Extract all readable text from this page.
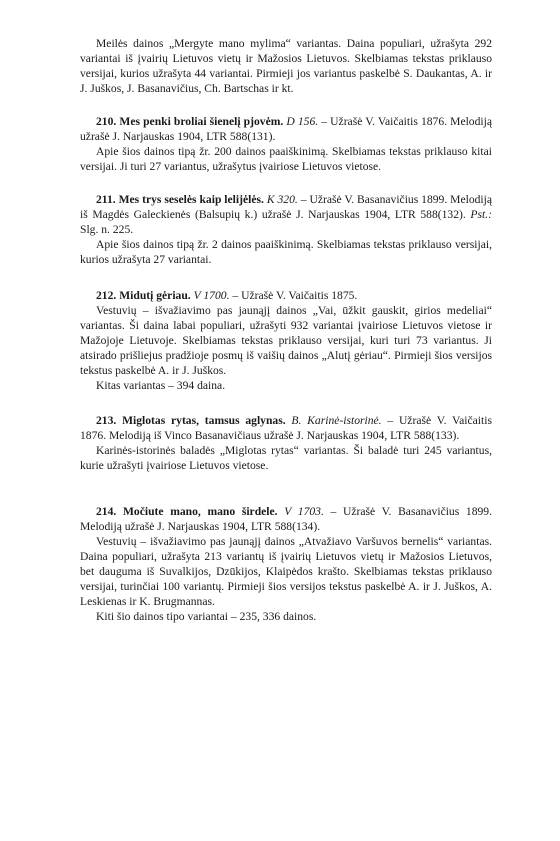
Meilės dainos „Mergyte mano mylima“ variantas. Daina populiari, užrašyta 292 variantai iš įvairių Lietuvos vietų ir Mažosios Lietuvos. Skelbiamas tekstas priklauso versijai, kurios užrašyta 44 variantai. Pirmieji jos variantus paskelbė S. Daukantas, A. ir J. Juškos, J. Basanavičius, Ch. Bartschas ir kt.

210. Mes penki broliai šienelį pjovėm. D 156. – Užrašė V. Vaičaitis 1876. Melodiją užrašė J. Narjauskas 1904, LTR 588(131).

Apie šios dainos tipą žr. 200 dainos paaiškinimą. Skelbiamas tekstas priklauso kitai versijai. Ji turi 27 variantus, užrašytus įvairiose Lietuvos vietose.

211. Mes trys seselės kaip lelijėlės. K 320. – Užrašė V. Basanavičius 1899. Melodiją iš Magdės Galeckienės (Balsupių k.) užrašė J. Narjauskas 1904, LTR 588(132). Pst.: Slg. n. 225.

Apie šios dainos tipą žr. 2 dainos paaiškinimą. Skelbiamas tekstas priklauso versijai, kurios užrašyta 27 variantai.

212. Midutį gėriau. V 1700. – Užrašė V. Vaičaitis 1875.

Vestuvių – išvažiavimo pas jaunąjį dainos „Vai, ūžkit gauskit, girios medeliai“ variantas. Ši daina labai populiari, užrašyti 932 variantai įvairiose Lietuvos vietose ir Mažojoje Lietuvoje. Skelbiamas tekstas priklauso versijai, kuri turi 73 variantus. Ji atsirado prišliejus pradžioje posmų iš vaišių dainos „Alutį gėriau“. Pirmieji šios versijos tekstus paskelbė A. ir J. Juškos.

Kitas variantas – 394 daina.

213. Miglotas rytas, tamsus aglynas. B. Karinė-istorinė. – Užrašė V. Vaičaitis 1876. Melodiją iš Vinco Basanavičiaus užrašė J. Narjauskas 1904, LTR 588(133).

Karinės-istorinės baladės „Miglotas rytas“ variantas. Ši baladė turi 245 variantus, kurie užrašyti įvairiose Lietuvos vietose.

214. Močiute mano, mano širdele. V 1703. – Užrašė V. Basanavičius 1899. Melodiją užrašė J. Narjauskas 1904, LTR 588(134).

Vestuvių – išvažiavimo pas jaunąjį dainos „Atvažiavo Varšuvos bernelis“ variantas. Daina populiari, užrašyta 213 variantų iš įvairių Lietuvos vietų ir Mažosios Lietuvos, bet dauguma iš Suvalkijos, Dzūkijos, Klaipėdos krašto. Skelbiamas tekstas priklauso versijai, turinčiai 100 variantų. Pirmieji šios versijos tekstus paskelbė A. ir J. Juškos, A. Leskienas ir K. Brugmannas.

Kiti šio dainos tipo variantai – 235, 336 dainos.
